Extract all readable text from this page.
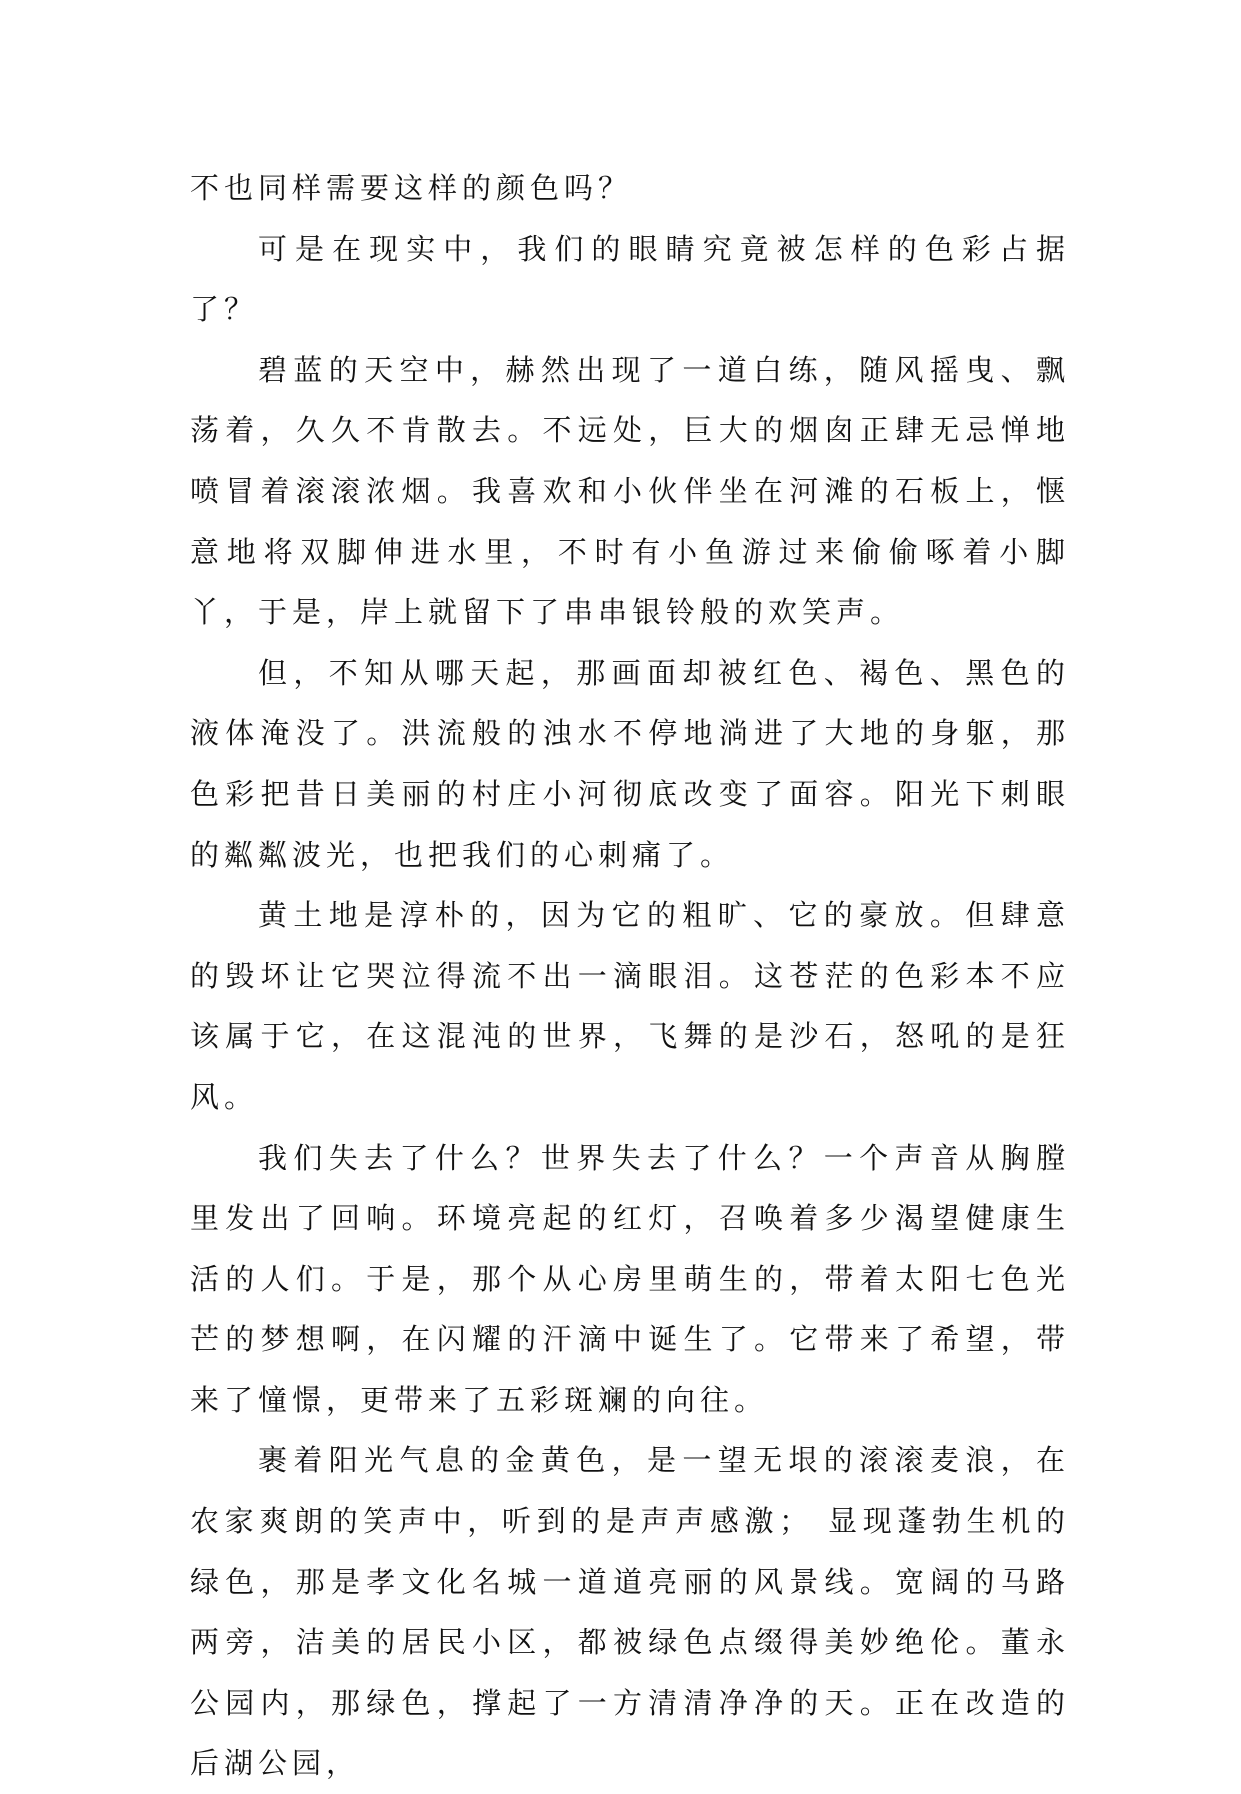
不也同样需要这样的颜色吗？

可是在现实中，我们的眼睛究竟被怎样的色彩占据了？

碧蓝的天空中，赫然出现了一道白练，随风摇曳、飘荡着，久久不肯散去。不远处，巨大的烟囱正肆无忌惮地喷冒着滚滚浓烟。我喜欢和小伙伴坐在河滩的石板上，惬意地将双脚伸进水里，不时有小鱼游过来偷偷啄着小脚丫，于是，岸上就留下了串串银铃般的欢笑声。

但，不知从哪天起，那画面却被红色、褐色、黑色的液体淹没了。洪流般的浊水不停地淌进了大地的身躯，那色彩把昔日美丽的村庄小河彻底改变了面容。阳光下刺眼的粼粼波光，也把我们的心刺痛了。

黄土地是淳朴的，因为它的粗旷、它的豪放。但肆意的毁坏让它哭泣得流不出一滴眼泪。这苍茫的色彩本不应该属于它，在这混沌的世界，飞舞的是沙石，怒吼的是狂风。

我们失去了什么？世界失去了什么？一个声音从胸膛里发出了回响。环境亮起的红灯，召唤着多少渴望健康生活的人们。于是，那个从心房里萌生的，带着太阳七色光芒的梦想啊，在闪耀的汗滴中诞生了。它带来了希望，带来了憧憬，更带来了五彩斑斓的向往。

裹着阳光气息的金黄色，是一望无垠的滚滚麦浪，在农家爽朗的笑声中，听到的是声声感激； 显现蓬勃生机的绿色，那是孝文化名城一道道亮丽的风景线。宽阔的马路两旁，洁美的居民小区，都被绿色点缀得美妙绝伦。董永公园内，那绿色，撑起了一方清清净净的天。正在改造的后湖公园，
